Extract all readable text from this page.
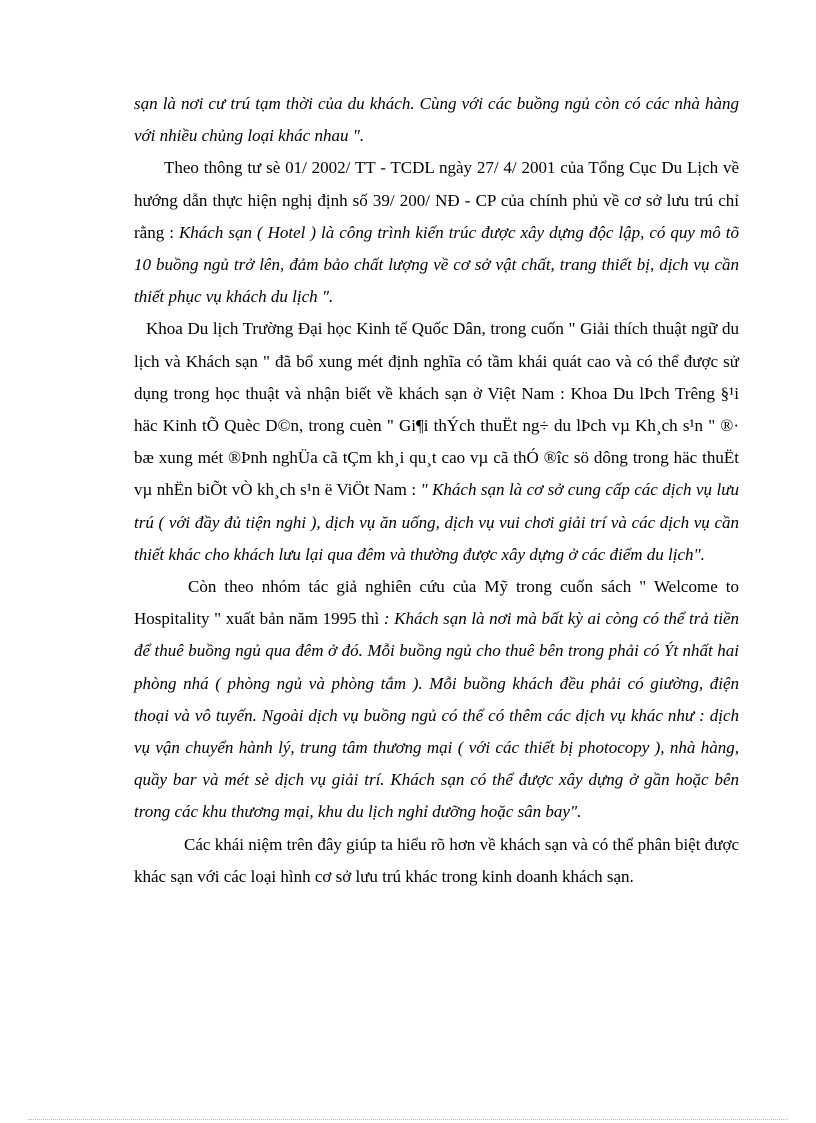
sạn là nơi cư trú tạm thời của du khách. Cùng với các buồng ngủ còn có các nhà hàng với nhiều chủng loại khác nhau ".

Theo thông tư sè 01/ 2002/ TT - TCDL ngày 27/ 4/ 2001 của Tổng Cục Du Lịch về hướng dẫn thực hiện nghị định số 39/ 200/ NĐ - CP của chính phủ về cơ sở lưu trú chỉ rằng : Khách sạn ( Hotel ) là công trình kiến trúc được xây dựng độc lập, có quy mô tõ 10 buồng ngủ trở lên, đảm bảo chất lượng về cơ sở vật chất, trang thiết bị, dịch vụ cần thiết phục vụ khách du lịch ".

Khoa Du lịch Trường Đại học Kinh tế Quốc Dân, trong cuốn " Giải thích thuật ngữ du lịch và Khách sạn " đã bổ xung mét định nghĩa có tầm khái quát cao và có thể được sử dụng trong học thuật và nhận biết về khách sạn ở Việt Nam : Khoa Du lÞch Trêng §¹i häc Kinh tÕ Quèc D©n, trong cuèn " Gi¶i thÝch thuËt ng÷ du lÞch vµ Kh¸ch s¹n " ®· bæ xung mét ®Þnh nghÜa cã tÇm kh¸i qu¸t cao vµ cã thÓ ®îc sö dông trong häc thuËt vµ nhËn biÕt vÒ kh¸ch s¹n ë ViÖt Nam : " Khách sạn là cơ sở cung cấp các dịch vụ lưu trú ( với đầy đủ tiện nghi ), dịch vụ ăn uống, dịch vụ vui chơi giải trí và các dịch vụ cần thiết khác cho khách lưu lại qua đêm và thường được xây dựng ở các điểm du lịch".

Còn theo nhóm tác giả nghiên cứu của Mỹ trong cuốn sách " Welcome to Hospitality " xuất bản năm 1995 thì : Khách sạn là nơi mà bất kỳ ai còng có thể trả tiền để thuê buồng ngủ qua đêm ở đó. Mỗi buồng ngủ cho thuê bên trong phải có Ýt nhất hai phòng nhá ( phòng ngủ và phòng tắm ). Mỗi buồng khách đều phải có giường, điện thoại và vô tuyến. Ngoài dịch vụ buồng ngủ có thể có thêm các dịch vụ khác như : dịch vụ vận chuyển hành lý, trung tâm thương mại ( với các thiết bị photocopy ), nhà hàng, quầy bar và mét sè dịch vụ giải trí. Khách sạn có thể được xây dựng ở gần hoặc bên trong các khu thương mại, khu du lịch nghỉ dưỡng hoặc sân bay".

Các khái niệm trên đây giúp ta hiểu rõ hơn về khách sạn và có thể phân biệt được khác sạn với các loại hình cơ sở lưu trú khác trong kinh doanh khách sạn.
